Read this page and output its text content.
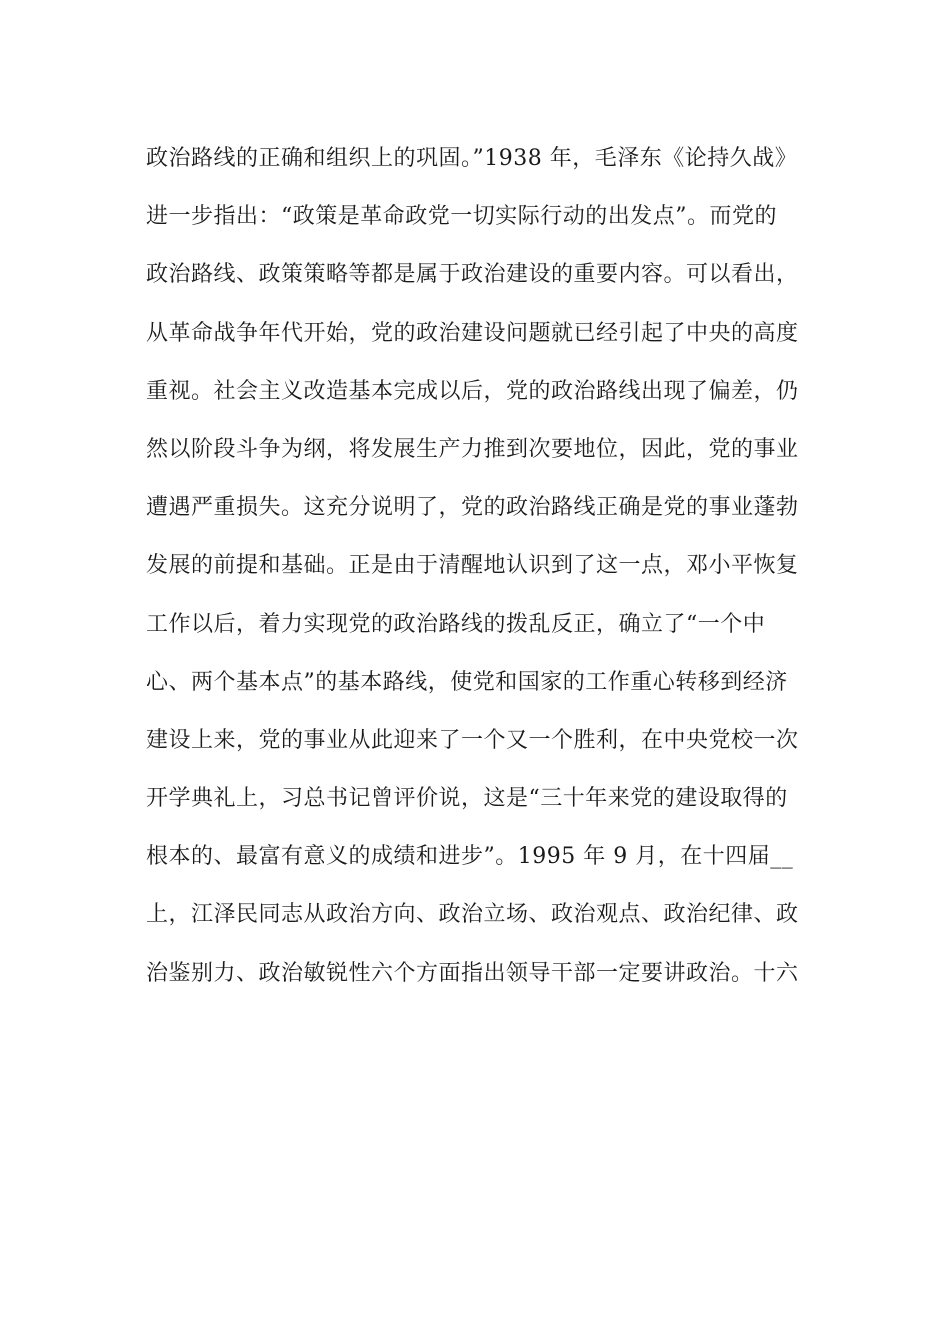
政治路线的正确和组织上的巩固。”1938 年，毛泽东《论持久战》
进一步指出：“政策是革命政党一切实际行动的出发点”。而党的
政治路线、政策策略等都是属于政治建设的重要内容。可以看出，
从革命战争年代开始，党的政治建设问题就已经引起了中央的高度
重视。社会主义改造基本完成以后，党的政治路线出现了偏差，仍
然以阶段斗争为纲，将发展生产力推到次要地位，因此，党的事业
遭遇严重损失。这充分说明了，党的政治路线正确是党的事业蓬勃
发展的前提和基础。正是由于清醒地认识到了这一点，邓小平恢复
工作以后，着力实现党的政治路线的拨乱反正，确立了“一个中
心、两个基本点”的基本路线，使党和国家的工作重心转移到经济
建设上来，党的事业从此迎来了一个又一个胜利，在中央党校一次
开学典礼上，习总书记曾评价说，这是“三十年来党的建设取得的
根本的、最富有意义的成绩和进步”。1995 年 9 月，在十四届__
上，江泽民同志从政治方向、政治立场、政治观点、政治纪律、政
治鉴别力、政治敏锐性六个方面指出领导干部一定要讲政治。十六
